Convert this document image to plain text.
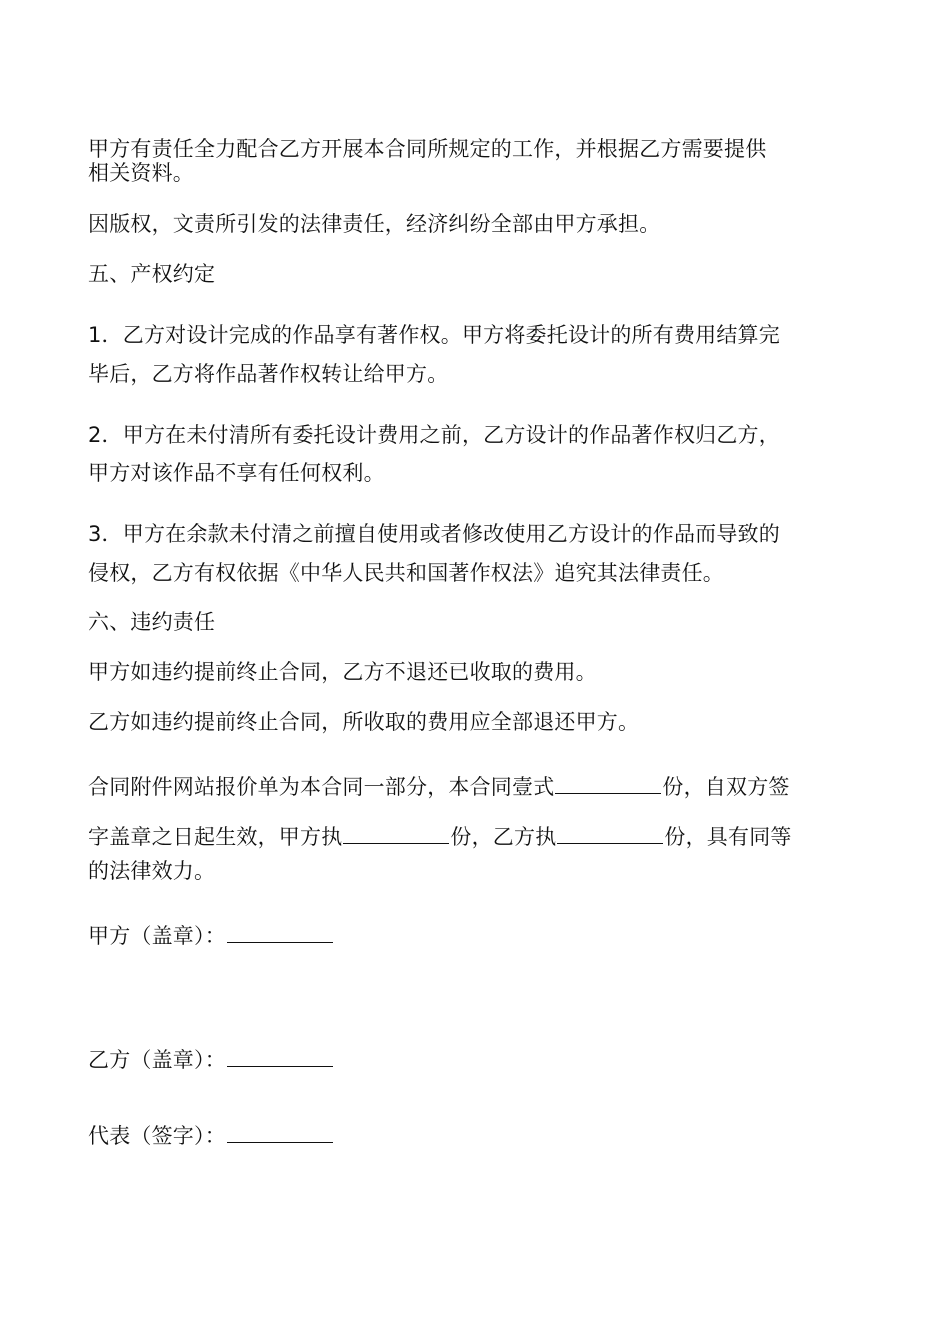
甲方有责任全力配合乙方开展本合同所规定的工作，并根据乙方需要提供
相关资料。
因版权，文责所引发的法律责任，经济纠纷全部由甲方承担。
五、产权约定
1．乙方对设计完成的作品享有著作权。甲方将委托设计的所有费用结算完
毕后，乙方将作品著作权转让给甲方。
2．甲方在未付清所有委托设计费用之前，乙方设计的作品著作权归乙方，
甲方对该作品不享有任何权利。
3．甲方在余款未付清之前擅自使用或者修改使用乙方设计的作品而导致的
侵权，乙方有权依据《中华人民共和国著作权法》追究其法律责任。
六、违约责任
甲方如违约提前终止合同，乙方不退还已收取的费用。
乙方如违约提前终止合同，所收取的费用应全部退还甲方。
合同附件网站报价单为本合同一部分，本合同壹式	份，自双方签
字盖章之日起生效，甲方执	份，乙方执	份，具有同等
的法律效力。
甲方（盖章）：
乙方（盖章）：
代表（签字）：
